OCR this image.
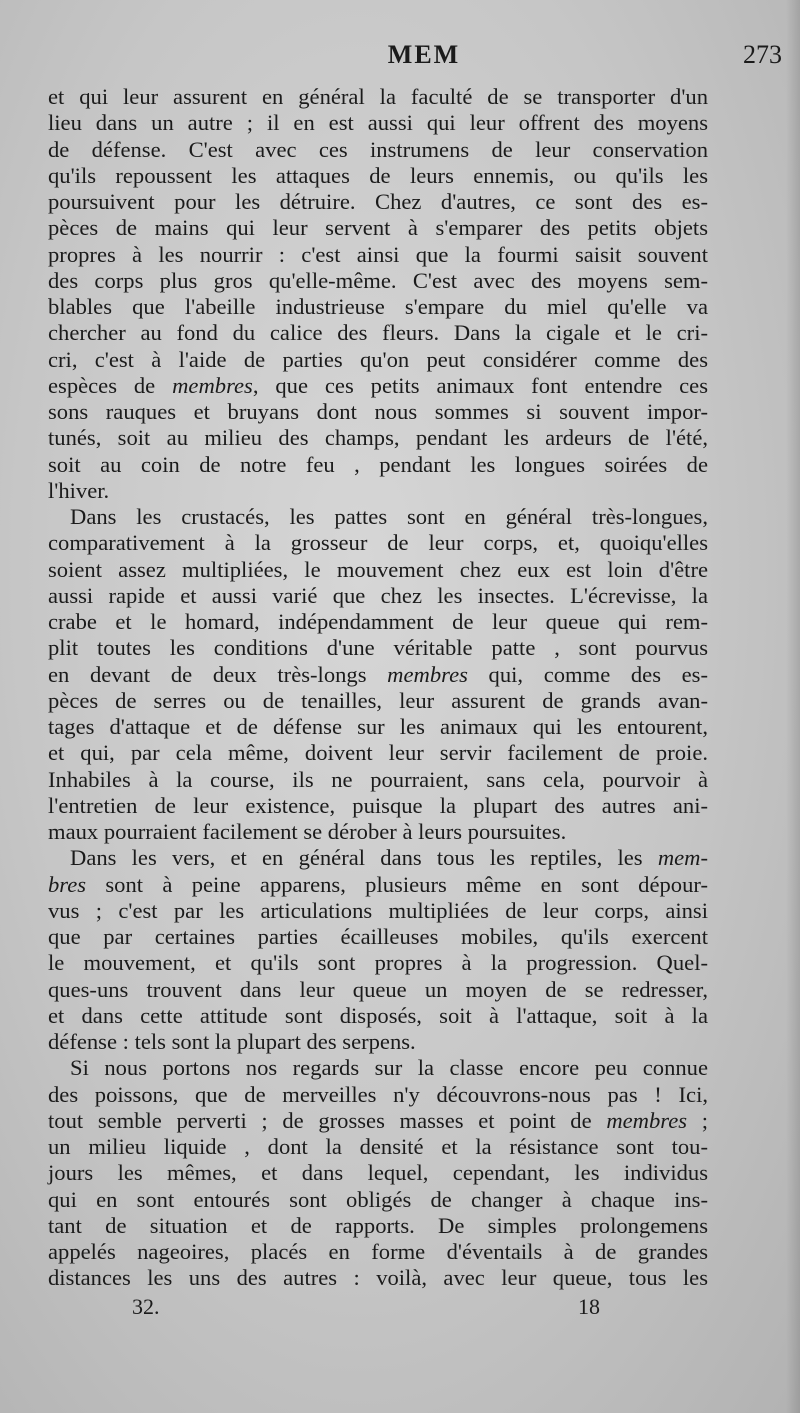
MEM	273
et qui leur assurent en général la faculté de se transporter d'un
lieu dans un autre ; il en est aussi qui leur offrent des moyens
de défense. C'est avec ces instrumens de leur conservation
qu'ils repoussent les attaques de leurs ennemis, ou qu'ils les
poursuivent pour les détruire. Chez d'autres, ce sont des es-
pèces de mains qui leur servent à s'emparer des petits objets
propres à les nourrir : c'est ainsi que la fourmi saisit souvent
des corps plus gros qu'elle-même. C'est avec des moyens sem-
blables que l'abeille industrieuse s'empare du miel qu'elle va
chercher au fond du calice des fleurs. Dans la cigale et le cri-
cri, c'est à l'aide de parties qu'on peut considérer comme des
espèces de membres, que ces petits animaux font entendre ces
sons rauques et bruyans dont nous sommes si souvent impor-
tunés, soit au milieu des champs, pendant les ardeurs de l'été,
soit au coin de notre feu , pendant les longues soirées de
l'hiver.
Dans les crustacés, les pattes sont en général très-longues,
comparativement à la grosseur de leur corps, et, quoiqu'elles
soient assez multipliées, le mouvement chez eux est loin d'être
aussi rapide et aussi varié que chez les insectes. L'écrevisse, la
crabe et le homard, indépendamment de leur queue qui rem-
plit toutes les conditions d'une véritable patte , sont pourvus
en devant de deux très-longs membres qui, comme des es-
pèces de serres ou de tenailles, leur assurent de grands avan-
tages d'attaque et de défense sur les animaux qui les entourent,
et qui, par cela même, doivent leur servir facilement de proie.
Inhabiles à la course, ils ne pourraient, sans cela, pourvoir à
l'entretien de leur existence, puisque la plupart des autres ani-
maux pourraient facilement se dérober à leurs poursuites.
Dans les vers, et en général dans tous les reptiles, les mem-
bres sont à peine apparens, plusieurs même en sont dépour-
vus ; c'est par les articulations multipliées de leur corps, ainsi
que par certaines parties écailleuses mobiles, qu'ils exercent
le mouvement, et qu'ils sont propres à la progression. Quel-
ques-uns trouvent dans leur queue un moyen de se redresser,
et dans cette attitude sont disposés, soit à l'attaque, soit à la
défense : tels sont la plupart des serpens.
Si nous portons nos regards sur la classe encore peu connue
des poissons, que de merveilles n'y découvrons-nous pas ! Ici,
tout semble perverti ; de grosses masses et point de membres ;
un milieu liquide , dont la densité et la résistance sont tou-
jours les mêmes, et dans lequel, cependant, les individus
qui en sont entourés sont obligés de changer à chaque ins-
tant de situation et de rapports. De simples prolongemens
appelés nageoires, placés en forme d'éventails à de grandes
distances les uns des autres : voilà, avec leur queue, tous les
32.	18
